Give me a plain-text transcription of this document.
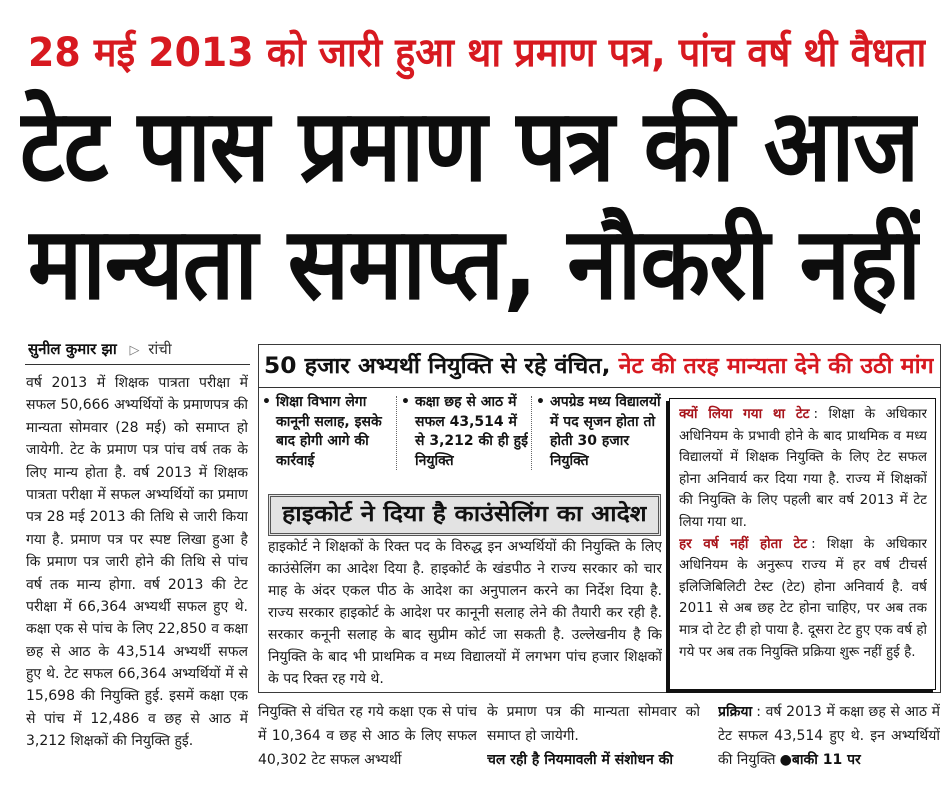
28 मई 2013 को जारी हुआ था प्रमाण पत्र, पांच वर्ष थी वैधता
टेट पास प्रमाण पत्र की आज
मान्यता समाप्त, नौकरी नहीं
सुनील कुमार झा ▷ रांची
वर्ष 2013 में शिक्षक पात्रता परीक्षा में सफल 50,666 अभ्यर्थियों के प्रमाणपत्र की मान्यता सोमवार (28 मई) को समाप्त हो जायेगी. टेट के प्रमाण पत्र पांच वर्ष तक के लिए मान्य होता है. वर्ष 2013 में शिक्षक पात्रता परीक्षा में सफल अभ्यर्थियों का प्रमाण पत्र 28 मई 2013 की तिथि से जारी किया गया है. प्रमाण पत्र पर स्पष्ट लिखा हुआ है कि प्रमाण पत्र जारी होने की तिथि से पांच वर्ष तक मान्य होगा. वर्ष 2013 की टेट परीक्षा में 66,364 अभ्यर्थी सफल हुए थे. कक्षा एक से पांच के लिए 22,850 व कक्षा छह से आठ के 43,514 अभ्यर्थी सफल हुए थे. टेट सफल 66,364 अभ्यर्थियों में से 15,698 की नियुक्ति हुई. इसमें कक्षा एक से पांच में 12,486 व छह से आठ में 3,212 शिक्षकों की नियुक्ति हुई.
50 हजार अभ्यर्थी नियुक्ति से रहे वंचित, नेट की तरह मान्यता देने की उठी मांग
•
शिक्षा विभाग लेगा कानूनी सलाह, इसके बाद होगी आगे की कार्रवाई
•
कक्षा छह से आठ में सफल 43,514 में से 3,212 की ही हुई नियुक्ति
•
अपग्रेड मध्य विद्यालयों में पद सृजन होता तो होती 30 हजार नियुक्ति

क्यों लिया गया था टेट : शिक्षा के अधिकार अधिनियम के प्रभावी होने के बाद प्राथमिक व मध्य विद्यालयों में शिक्षक नियुक्ति के लिए टेट सफल होना अनिवार्य कर दिया गया है. राज्य में शिक्षकों की नियुक्ति के लिए पहली बार वर्ष 2013 में टेट लिया गया था.

हर वर्ष नहीं होता टेट : शिक्षा के अधिकार अधिनियम के अनुरूप राज्य में हर वर्ष टीचर्स इलिजिबिलिटी टेस्ट (टेट) होना अनिवार्य है. वर्ष 2011 से अब छह टेट होना चाहिए, पर अब तक मात्र दो टेट ही हो पाया है. दूसरा टेट हुए एक वर्ष हो गये पर अब तक नियुक्ति प्रक्रिया शुरू नहीं हुई है.

हाइकोर्ट ने दिया है काउंसेलिंग का आदेश
हाइकोर्ट ने शिक्षकों के रिक्त पद के विरुद्ध इन अभ्यर्थियों की नियुक्ति के लिए काउंसेलिंग का आदेश दिया है. हाइकोर्ट के खंडपीठ ने राज्य सरकार को चार माह के अंदर एकल पीठ के आदेश का अनुपालन करने का निर्देश दिया है. राज्य सरकार हाइकोर्ट के आदेश पर कानूनी सलाह लेने की तैयारी कर रही है. सरकार कनूनी सलाह के बाद सुप्रीम कोर्ट जा सकती है. उल्लेखनीय है कि नियुक्ति के बाद भी प्राथमिक व मध्य विद्यालयों में लगभग पांच हजार शिक्षकों के पद रिक्त रह गये थे.
नियुक्ति से वंचित रह गये कक्षा एक से पांच में 10,364 व छह से आठ के लिए सफल 40,302 टेट सफल अभ्यर्थी
के प्रमाण पत्र की मान्यता सोमवार को समाप्त हो जायेगी.
चल रही है नियमावली में संशोधन की
प्रक्रिया : वर्ष 2013 में कक्षा छह से आठ में टेट सफल 43,514 हुए थे. इन अभ्यर्थियों की नियुक्ति ●बाकी 11 पर
